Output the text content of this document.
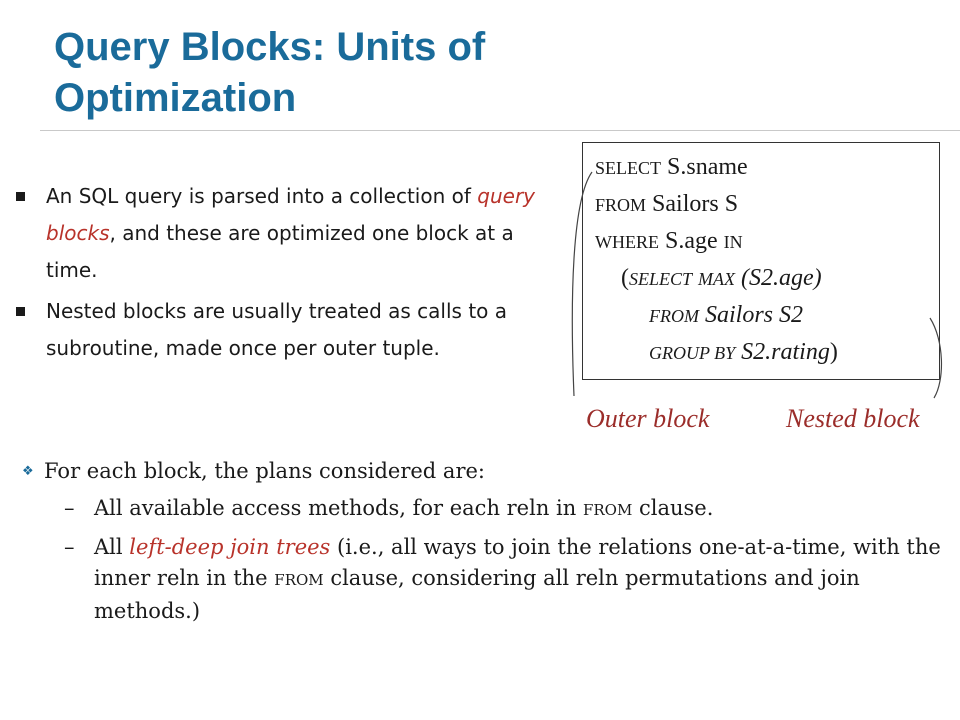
Query Blocks: Units of Optimization
An SQL query is parsed into a collection of query blocks, and these are optimized one block at a time.
Nested blocks are usually treated as calls to a subroutine, made once per outer tuple.
SELECT S.sname
FROM Sailors S
WHERE S.age IN
(SELECT MAX (S2.age)
FROM Sailors S2
GROUP BY S2.rating)
Outer block	Nested block
❖ For each block, the plans considered are:
– All available access methods, for each reln in FROM clause.
– All left-deep join trees (i.e., all ways to join the relations one-at-a-time, with the inner reln in the FROM clause, considering all reln permutations and join methods.)
